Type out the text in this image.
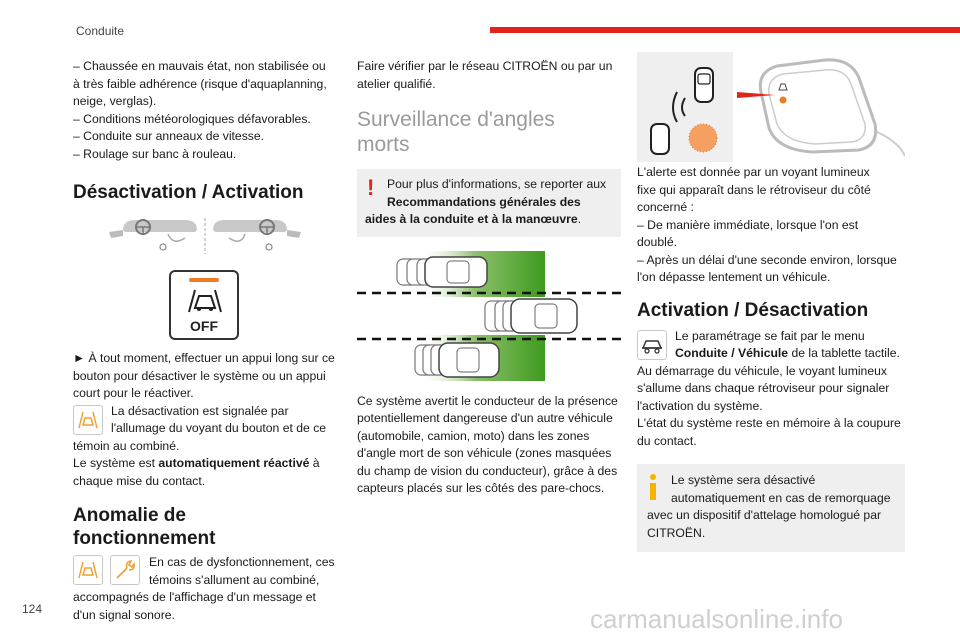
Conduite
– Chaussée en mauvais état, non stabilisée ou
à très faible adhérence (risque d'aquaplanning,
neige, verglas).
– Conditions météorologiques défavorables.
– Conduite sur anneaux de vitesse.
– Roulage sur banc à rouleau.
Désactivation / Activation
OFF
► À tout moment, effectuer un appui long sur ce
bouton pour désactiver le système ou un appui
court pour le réactiver.
La désactivation est signalée par
l'allumage du voyant du bouton et de ce
témoin au combiné.
Le système est automatiquement réactivé à
chaque mise du contact.
Anomalie de
fonctionnement
En cas de dysfonctionnement, ces
témoins s'allument au combiné,
accompagnés de l'affichage d'un message et
d'un signal sonore.
Faire vérifier par le réseau CITROËN ou par un
atelier qualifié.
Surveillance d'angles
morts
! Pour plus d'informations, se reporter aux
Recommandations générales des
aides à la conduite et à la manœuvre.
Ce système avertit le conducteur de la présence
potentiellement dangereuse d'un autre véhicule
(automobile, camion, moto) dans les zones
d'angle mort de son véhicule (zones masquées
du champ de vision du conducteur), grâce à des
capteurs placés sur les côtés des pare-chocs.
L'alerte est donnée par un voyant lumineux
fixe qui apparaît dans le rétroviseur du côté
concerné :
– De manière immédiate, lorsque l'on est
doublé.
– Après un délai d'une seconde environ, lorsque
l'on dépasse lentement un véhicule.
Activation / Désactivation
Le paramétrage se fait par le menu
Conduite / Véhicule de la tablette tactile.
Au démarrage du véhicule, le voyant lumineux
s'allume dans chaque rétroviseur pour signaler
l'activation du système.
L'état du système reste en mémoire à la coupure
du contact.
Le système sera désactivé
automatiquement en cas de remorquage
avec un dispositif d'attelage homologué par
CITROËN.
124	carmanualsonline.info
